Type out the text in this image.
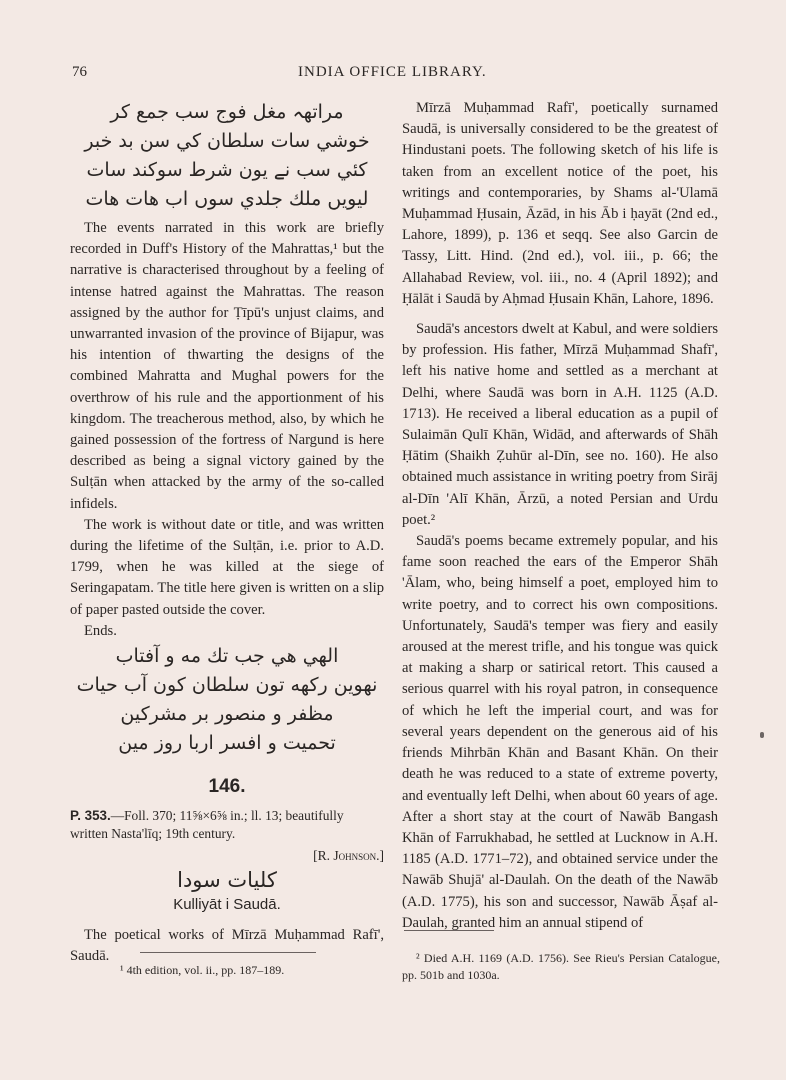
76	INDIA OFFICE LIBRARY.
مراتھہ مغل فوج سب جمع کر
خوشي سات سلطان كي سن بد خبر
كئي سب نے يون شرط سوكند سات
ليويں ملك جلدي سوں اب هات هات

The events narrated in this work are briefly recorded in Duff's History of the Mahrattas,¹ but the narrative is characterised throughout by a feeling of intense hatred against the Mahrattas. The reason assigned by the author for Ṭīpū's unjust claims, and unwarranted invasion of the province of Bijapur, was his intention of thwarting the designs of the combined Mahratta and Mughal powers for the overthrow of his rule and the apportionment of his kingdom. The treacherous method, also, by which he gained possession of the fortress of Nargund is here described as being a signal victory gained by the Sulṭān when attacked by the army of the so-called infidels.

The work is without date or title, and was written during the lifetime of the Sulṭān, i.e. prior to A.D. 1799, when he was killed at the siege of Seringapatam. The title here given is written on a slip of paper pasted outside the cover.

Ends.

الهي هي جب تك مه و آفتاب
نهوين ركهه تون سلطان كون آب حيات
مظفر و منصور بر مشركين
تحميت و افسر اربا روز مين
146.

P. 353.—Foll. 370; 11⅝×6⅝ in.; ll. 13; beautifully written Nasta'līq; 19th century.

[R. Johnson.]
كليات سودا
Kulliyāt i Saudā.

The poetical works of Mīrzā Muḥammad Rafī', Saudā.

¹ 4th edition, vol. ii., pp. 187–189.

Mīrzā Muḥammad Rafī', poetically surnamed Saudā, is universally considered to be the greatest of Hindustani poets. The following sketch of his life is taken from an excellent notice of the poet, his writings and contemporaries, by Shams al-'Ulamā Muḥammad Ḥusain, Āzād, in his Āb i ḥayāt (2nd ed., Lahore, 1899), p. 136 et seqq. See also Garcin de Tassy, Litt. Hind. (2nd ed.), vol. iii., p. 66; the Allahabad Review, vol. iii., no. 4 (April 1892); and Ḥālāt i Saudā by Aḥmad Ḥusain Khān, Lahore, 1896.

Saudā's ancestors dwelt at Kabul, and were soldiers by profession. His father, Mīrzā Muḥammad Shafī', left his native home and settled as a merchant at Delhi, where Saudā was born in A.H. 1125 (A.D. 1713). He received a liberal education as a pupil of Sulaimān Qulī Khān, Widād, and afterwards of Shāh Ḥātim (Shaikh Ẓuhūr al-Dīn, see no. 160). He also obtained much assistance in writing poetry from Sirāj al-Dīn 'Alī Khān, Ārzū, a noted Persian and Urdu poet.²

Saudā's poems became extremely popular, and his fame soon reached the ears of the Emperor Shāh 'Ālam, who, being himself a poet, employed him to write poetry, and to correct his own compositions. Unfortunately, Saudā's temper was fiery and easily aroused at the merest trifle, and his tongue was quick at making a sharp or satirical retort. This caused a serious quarrel with his royal patron, in consequence of which he left the imperial court, and was for several years dependent on the generous aid of his friends Mihrbān Khān and Basant Khān. On their death he was reduced to a state of extreme poverty, and eventually left Delhi, when about 60 years of age. After a short stay at the court of Nawāb Bangash Khān of Farrukhabad, he settled at Lucknow in A.H. 1185 (A.D. 1771–72), and obtained service under the Nawāb Shujā' al-Daulah. On the death of the Nawāb (A.D. 1775), his son and successor, Nawāb Āṣaf al-Daulah, granted him an annual stipend of

² Died A.H. 1169 (A.D. 1756). See Rieu's Persian Catalogue, pp. 501b and 1030a.
